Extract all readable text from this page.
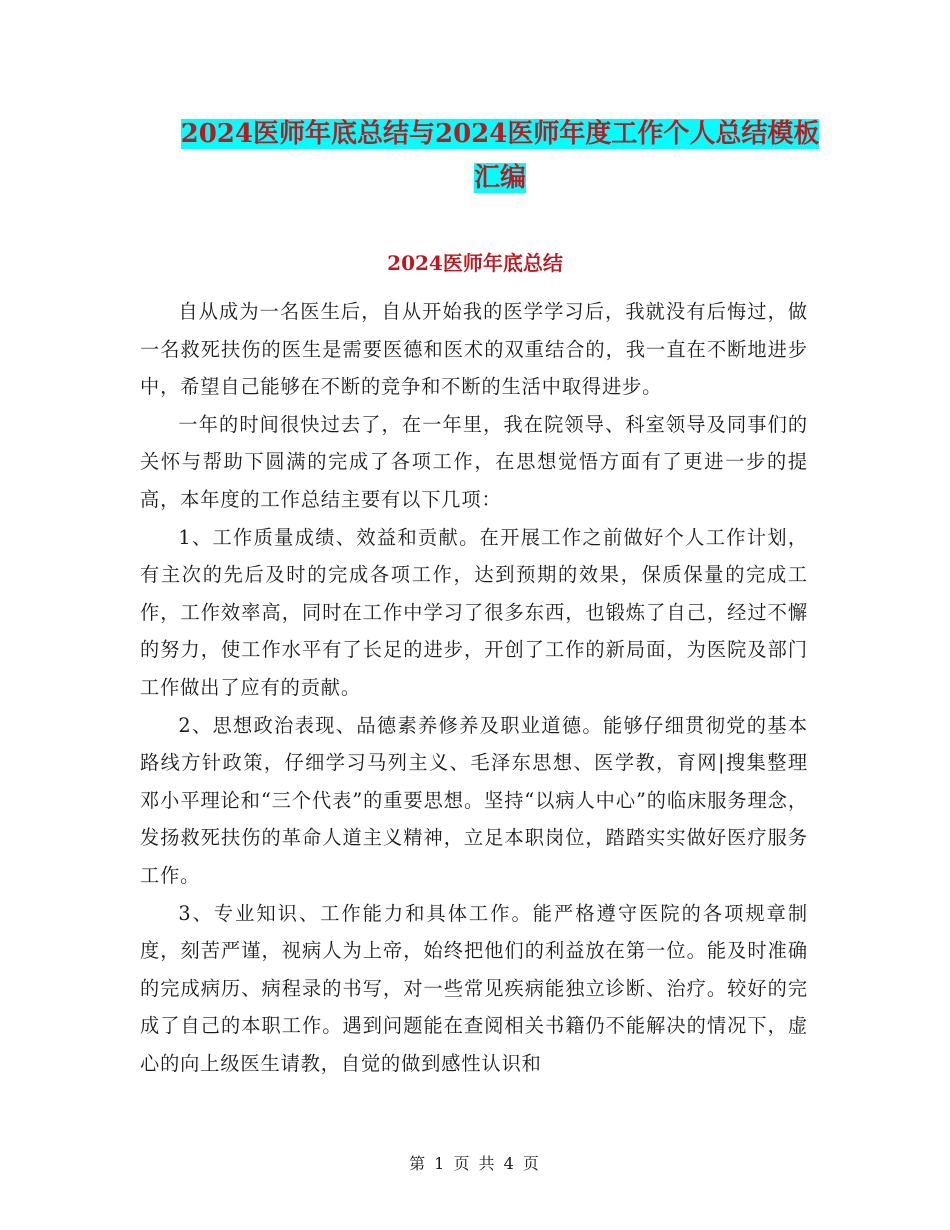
2024医师年底总结与2024医师年度工作个人总结模板
汇编
2024医师年底总结

自从成为一名医生后，自从开始我的医学学习后，我就没有后悔过，做一名救死扶伤的医生是需要医德和医术的双重结合的，我一直在不断地进步中，希望自己能够在不断的竞争和不断的生活中取得进步。

一年的时间很快过去了，在一年里，我在院领导、科室领导及同事们的关怀与帮助下圆满的完成了各项工作，在思想觉悟方面有了更进一步的提高，本年度的工作总结主要有以下几项：

1、工作质量成绩、效益和贡献。在开展工作之前做好个人工作计划，有主次的先后及时的完成各项工作，达到预期的效果，保质保量的完成工作，工作效率高，同时在工作中学习了很多东西，也锻炼了自己，经过不懈的努力，使工作水平有了长足的进步，开创了工作的新局面，为医院及部门工作做出了应有的贡献。

2、思想政治表现、品德素养修养及职业道德。能够仔细贯彻党的基本路线方针政策，仔细学习马列主义、毛泽东思想、医学教，育网|搜集整理邓小平理论和“三个代表”的重要思想。坚持“以病人中心”的临床服务理念，发扬救死扶伤的革命人道主义精神，立足本职岗位，踏踏实实做好医疗服务工作。

3、专业知识、工作能力和具体工作。能严格遵守医院的各项规章制度，刻苦严谨，视病人为上帝，始终把他们的利益放在第一位。能及时准确的完成病历、病程录的书写，对一些常见疾病能独立诊断、治疗。较好的完成了自己的本职工作。遇到问题能在查阅相关书籍仍不能解决的情况下，虚心的向上级医生请教，自觉的做到感性认识和

第 1 页 共 4 页
